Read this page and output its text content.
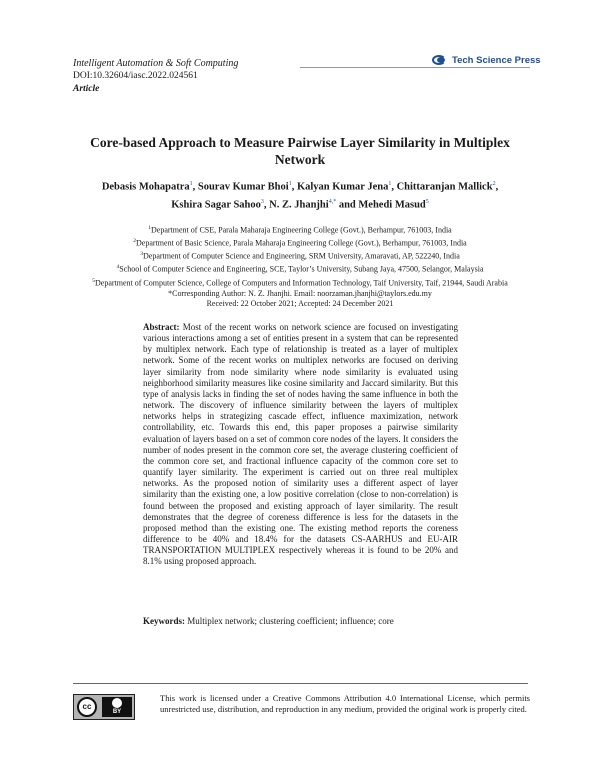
Intelligent Automation & Soft Computing
DOI:10.32604/iasc.2022.024561
Article
Tech Science Press
Core-based Approach to Measure Pairwise Layer Similarity in Multiplex
Network
Debasis Mohapatra$^1$, Sourav Kumar Bhoi$^1$, Kalyan Kumar Jena$^1$, Chittaranjan Mallick$^2$,
Kshira Sagar Sahoo$^3$, N. Z. Jhanjhi$^{4,*}$ and Mehedi Masud$^5$
$^1$Department of CSE, Parala Maharaja Engineering College (Govt.), Berhampur, 761003, India
$^2$Department of Basic Science, Parala Maharaja Engineering College (Govt.), Berhampur, 761003, India
$^3$Department of Computer Science and Engineering, SRM University, Amaravati, AP, 522240, India
$^4$School of Computer Science and Engineering, SCE, Taylor’s University, Subang Jaya, 47500, Selangor, Malaysia
$^5$Department of Computer Science, College of Computers and Information Technology, Taif University, Taif, 21944, Saudi Arabia
*Corresponding Author: N. Z. Jhanjhi. Email: noorzaman.jhanjhi@taylors.edu.my
Received: 22 October 2021; Accepted: 24 December 2021
Abstract: Most of the recent works on network science are focused on investigating various interactions among a set of entities present in a system that can be represented by multiplex network. Each type of relationship is treated as a layer of multiplex network. Some of the recent works on multiplex networks are focused on deriving layer similarity from node similarity where node similarity is evaluated using neighborhood similarity measures like cosine similarity and Jaccard similarity. But this type of analysis lacks in finding the set of nodes having the same influence in both the network. The discovery of influence similarity between the layers of multiplex networks helps in strategizing cascade effect, influence maximization, network controllability, etc. Towards this end, this paper proposes a pairwise similarity evaluation of layers based on a set of common core nodes of the layers. It considers the number of nodes present in the common core set, the average clustering coefficient of the common core set, and fractional influence capacity of the common core set to quantify layer similarity. The experiment is carried out on three real multiplex networks. As the proposed notion of similarity uses a different aspect of layer similarity than the existing one, a low positive correlation (close to non-correlation) is found between the proposed and existing approach of layer similarity. The result demonstrates that the degree of coreness difference is less for the datasets in the proposed method than the existing one. The existing method reports the coreness difference to be 40% and 18.4% for the datasets CS-AARHUS and EU-AIR TRANSPORTATION MULTIPLEX respectively whereas it is found to be 20% and 8.1% using proposed approach.
Keywords: Multiplex network; clustering coefficient; influence; core
cc
BY
This work is licensed under a Creative Commons Attribution 4.0 International License, which permits unrestricted use, distribution, and reproduction in any medium, provided the original work is properly cited.
